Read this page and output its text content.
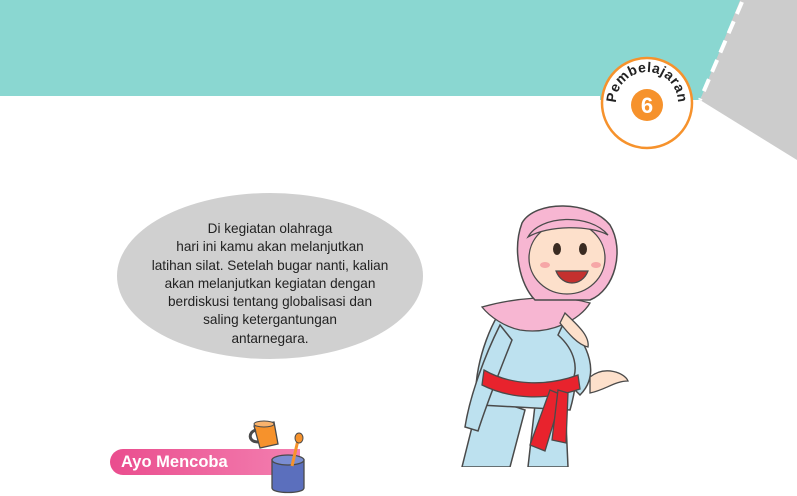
Pembelajaran
6
Di kegiatan olahraga
hari ini kamu akan melanjutkan
latihan silat. Setelah bugar nanti, kalian
akan melanjutkan kegiatan dengan
berdiskusi tentang globalisasi dan
saling ketergantungan
antarnegara.
Ayo Mencoba
